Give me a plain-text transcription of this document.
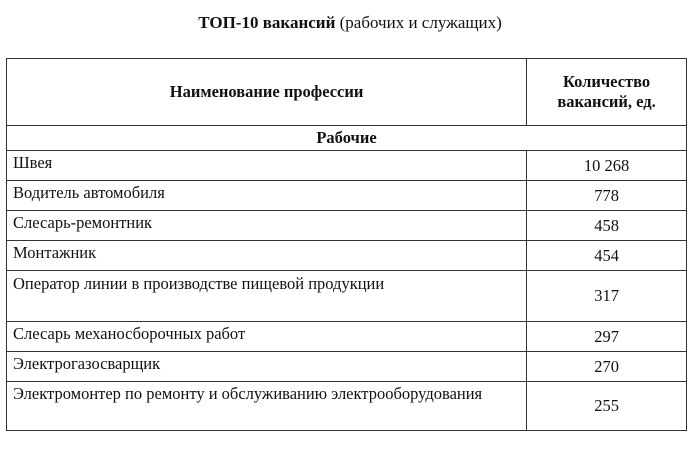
ТОП-10 вакансий (рабочих и служащих)
Наименование профессии	Количество вакансий, ед.
Рабочие	
Швея	10 268
Водитель автомобиля	778
Слесарь-ремонтник	458
Монтажник	454
Оператор линии в производстве пищевой продукции	317
Слесарь механосборочных работ	297
Электрогазосварщик	270
Электромонтер по ремонту и обслуживанию электрооборудования	255
